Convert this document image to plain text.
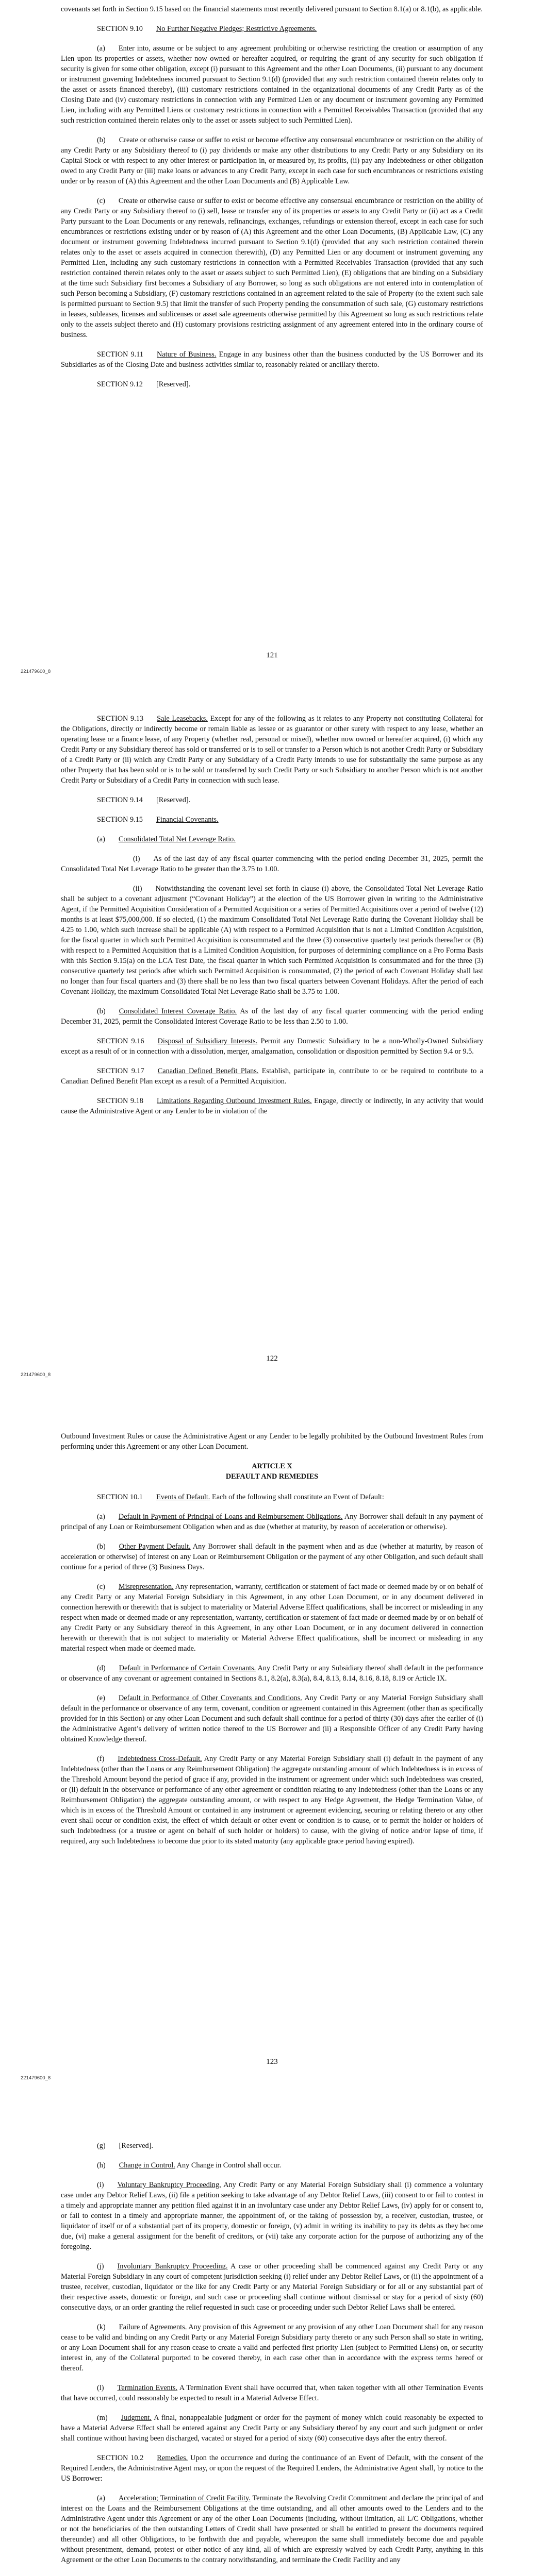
covenants set forth in Section 9.15 based on the financial statements most recently delivered pursuant to Section 8.1(a) or 8.1(b), as applicable.

SECTION 9.10 No Further Negative Pledges; Restrictive Agreements.

(a) Enter into, assume or be subject to any agreement prohibiting or otherwise restricting the creation or assumption of any Lien upon its properties or assets, whether now owned or hereafter acquired, or requiring the grant of any security for such obligation if security is given for some other obligation, except (i) pursuant to this Agreement and the other Loan Documents, (ii) pursuant to any document or instrument governing Indebtedness incurred pursuant to Section 9.1(d) (provided that any such restriction contained therein relates only to the asset or assets financed thereby), (iii) customary restrictions contained in the organizational documents of any Credit Party as of the Closing Date and (iv) customary restrictions in connection with any Permitted Lien or any document or instrument governing any Permitted Lien, including with any Permitted Liens or customary restrictions in connection with a Permitted Receivables Transaction (provided that any such restriction contained therein relates only to the asset or assets subject to such Permitted Lien).

(b) Create or otherwise cause or suffer to exist or become effective any consensual encumbrance or restriction on the ability of any Credit Party or any Subsidiary thereof to (i) pay dividends or make any other distributions to any Credit Party or any Subsidiary on its Capital Stock or with respect to any other interest or participation in, or measured by, its profits, (ii) pay any Indebtedness or other obligation owed to any Credit Party or (iii) make loans or advances to any Credit Party, except in each case for such encumbrances or restrictions existing under or by reason of (A) this Agreement and the other Loan Documents and (B) Applicable Law.

(c) Create or otherwise cause or suffer to exist or become effective any consensual encumbrance or restriction on the ability of any Credit Party or any Subsidiary thereof to (i) sell, lease or transfer any of its properties or assets to any Credit Party or (ii) act as a Credit Party pursuant to the Loan Documents or any renewals, refinancings, exchanges, refundings or extension thereof, except in each case for such encumbrances or restrictions existing under or by reason of (A) this Agreement and the other Loan Documents, (B) Applicable Law, (C) any document or instrument governing Indebtedness incurred pursuant to Section 9.1(d) (provided that any such restriction contained therein relates only to the asset or assets acquired in connection therewith), (D) any Permitted Lien or any document or instrument governing any Permitted Lien, including any such customary restrictions in connection with a Permitted Receivables Transaction (provided that any such restriction contained therein relates only to the asset or assets subject to such Permitted Lien), (E) obligations that are binding on a Subsidiary at the time such Subsidiary first becomes a Subsidiary of any Borrower, so long as such obligations are not entered into in contemplation of such Person becoming a Subsidiary, (F) customary restrictions contained in an agreement related to the sale of Property (to the extent such sale is permitted pursuant to Section 9.5) that limit the transfer of such Property pending the consummation of such sale, (G) customary restrictions in leases, subleases, licenses and sublicenses or asset sale agreements otherwise permitted by this Agreement so long as such restrictions relate only to the assets subject thereto and (H) customary provisions restricting assignment of any agreement entered into in the ordinary course of business.

SECTION 9.11 Nature of Business. Engage in any business other than the business conducted by the US Borrower and its Subsidiaries as of the Closing Date and business activities similar to, reasonably related or ancillary thereto.

SECTION 9.12 [Reserved].

121
221479600_8

SECTION 9.13 Sale Leasebacks. Except for any of the following as it relates to any Property not constituting Collateral for the Obligations, directly or indirectly become or remain liable as lessee or as guarantor or other surety with respect to any lease, whether an operating lease or a finance lease, of any Property (whether real, personal or mixed), whether now owned or hereafter acquired, (i) which any Credit Party or any Subsidiary thereof has sold or transferred or is to sell or transfer to a Person which is not another Credit Party or Subsidiary of a Credit Party or (ii) which any Credit Party or any Subsidiary of a Credit Party intends to use for substantially the same purpose as any other Property that has been sold or is to be sold or transferred by such Credit Party or such Subsidiary to another Person which is not another Credit Party or Subsidiary of a Credit Party in connection with such lease.

SECTION 9.14 [Reserved].

SECTION 9.15 Financial Covenants.

(a) Consolidated Total Net Leverage Ratio.

(i) As of the last day of any fiscal quarter commencing with the period ending December 31, 2025, permit the Consolidated Total Net Leverage Ratio to be greater than the 3.75 to 1.00.

(ii) Notwithstanding the covenant level set forth in clause (i) above, the Consolidated Total Net Leverage Ratio shall be subject to a covenant adjustment (“Covenant Holiday”) at the election of the US Borrower given in writing to the Administrative Agent, if the Permitted Acquisition Consideration of a Permitted Acquisition or a series of Permitted Acquisitions over a period of twelve (12) months is at least $75,000,000. If so elected, (1) the maximum Consolidated Total Net Leverage Ratio during the Covenant Holiday shall be 4.25 to 1.00, which such increase shall be applicable (A) with respect to a Permitted Acquisition that is not a Limited Condition Acquisition, for the fiscal quarter in which such Permitted Acquisition is consummated and the three (3) consecutive quarterly test periods thereafter or (B) with respect to a Permitted Acquisition that is a Limited Condition Acquisition, for purposes of determining compliance on a Pro Forma Basis with this Section 9.15(a) on the LCA Test Date, the fiscal quarter in which such Permitted Acquisition is consummated and for the three (3) consecutive quarterly test periods after which such Permitted Acquisition is consummated, (2) the period of each Covenant Holiday shall last no longer than four fiscal quarters and (3) there shall be no less than two fiscal quarters between Covenant Holidays. After the period of each Covenant Holiday, the maximum Consolidated Total Net Leverage Ratio shall be 3.75 to 1.00.

(b) Consolidated Interest Coverage Ratio. As of the last day of any fiscal quarter commencing with the period ending December 31, 2025, permit the Consolidated Interest Coverage Ratio to be less than 2.50 to 1.00.

SECTION 9.16 Disposal of Subsidiary Interests. Permit any Domestic Subsidiary to be a non-Wholly-Owned Subsidiary except as a result of or in connection with a dissolution, merger, amalgamation, consolidation or disposition permitted by Section 9.4 or 9.5.

SECTION 9.17 Canadian Defined Benefit Plans. Establish, participate in, contribute to or be required to contribute to a Canadian Defined Benefit Plan except as a result of a Permitted Acquisition.

SECTION 9.18 Limitations Regarding Outbound Investment Rules. Engage, directly or indirectly, in any activity that would cause the Administrative Agent or any Lender to be in violation of the

122
221479600_8

Outbound Investment Rules or cause the Administrative Agent or any Lender to be legally prohibited by the Outbound Investment Rules from performing under this Agreement or any other Loan Document.

ARTICLE X
DEFAULT AND REMEDIES

SECTION 10.1 Events of Default. Each of the following shall constitute an Event of Default:

(a) Default in Payment of Principal of Loans and Reimbursement Obligations. Any Borrower shall default in any payment of principal of any Loan or Reimbursement Obligation when and as due (whether at maturity, by reason of acceleration or otherwise).

(b) Other Payment Default. Any Borrower shall default in the payment when and as due (whether at maturity, by reason of acceleration or otherwise) of interest on any Loan or Reimbursement Obligation or the payment of any other Obligation, and such default shall continue for a period of three (3) Business Days.

(c) Misrepresentation. Any representation, warranty, certification or statement of fact made or deemed made by or on behalf of any Credit Party or any Material Foreign Subsidiary in this Agreement, in any other Loan Document, or in any document delivered in connection herewith or therewith that is subject to materiality or Material Adverse Effect qualifications, shall be incorrect or misleading in any respect when made or deemed made or any representation, warranty, certification or statement of fact made or deemed made by or on behalf of any Credit Party or any Subsidiary thereof in this Agreement, in any other Loan Document, or in any document delivered in connection herewith or therewith that is not subject to materiality or Material Adverse Effect qualifications, shall be incorrect or misleading in any material respect when made or deemed made.

(d) Default in Performance of Certain Covenants. Any Credit Party or any Subsidiary thereof shall default in the performance or observance of any covenant or agreement contained in Sections 8.1, 8.2(a), 8.3(a), 8.4, 8.13, 8.14, 8.16, 8.18, 8.19 or Article IX.

(e) Default in Performance of Other Covenants and Conditions. Any Credit Party or any Material Foreign Subsidiary shall default in the performance or observance of any term, covenant, condition or agreement contained in this Agreement (other than as specifically provided for in this Section) or any other Loan Document and such default shall continue for a period of thirty (30) days after the earlier of (i) the Administrative Agent’s delivery of written notice thereof to the US Borrower and (ii) a Responsible Officer of any Credit Party having obtained Knowledge thereof.

(f) Indebtedness Cross-Default. Any Credit Party or any Material Foreign Subsidiary shall (i) default in the payment of any Indebtedness (other than the Loans or any Reimbursement Obligation) the aggregate outstanding amount of which Indebtedness is in excess of the Threshold Amount beyond the period of grace if any, provided in the instrument or agreement under which such Indebtedness was created, or (ii) default in the observance or performance of any other agreement or condition relating to any Indebtedness (other than the Loans or any Reimbursement Obligation) the aggregate outstanding amount, or with respect to any Hedge Agreement, the Hedge Termination Value, of which is in excess of the Threshold Amount or contained in any instrument or agreement evidencing, securing or relating thereto or any other event shall occur or condition exist, the effect of which default or other event or condition is to cause, or to permit the holder or holders of such Indebtedness (or a trustee or agent on behalf of such holder or holders) to cause, with the giving of notice and/or lapse of time, if required, any such Indebtedness to become due prior to its stated maturity (any applicable grace period having expired).

123
221479600_8

(g) [Reserved].

(h) Change in Control. Any Change in Control shall occur.

(i) Voluntary Bankruptcy Proceeding. Any Credit Party or any Material Foreign Subsidiary shall (i) commence a voluntary case under any Debtor Relief Laws, (ii) file a petition seeking to take advantage of any Debtor Relief Laws, (iii) consent to or fail to contest in a timely and appropriate manner any petition filed against it in an involuntary case under any Debtor Relief Laws, (iv) apply for or consent to, or fail to contest in a timely and appropriate manner, the appointment of, or the taking of possession by, a receiver, custodian, trustee, or liquidator of itself or of a substantial part of its property, domestic or foreign, (v) admit in writing its inability to pay its debts as they become due, (vi) make a general assignment for the benefit of creditors, or (vii) take any corporate action for the purpose of authorizing any of the foregoing.

(j) Involuntary Bankruptcy Proceeding. A case or other proceeding shall be commenced against any Credit Party or any Material Foreign Subsidiary in any court of competent jurisdiction seeking (i) relief under any Debtor Relief Laws, or (ii) the appointment of a trustee, receiver, custodian, liquidator or the like for any Credit Party or any Material Foreign Subsidiary or for all or any substantial part of their respective assets, domestic or foreign, and such case or proceeding shall continue without dismissal or stay for a period of sixty (60) consecutive days, or an order granting the relief requested in such case or proceeding under such Debtor Relief Laws shall be entered.

(k) Failure of Agreements. Any provision of this Agreement or any provision of any other Loan Document shall for any reason cease to be valid and binding on any Credit Party or any Material Foreign Subsidiary party thereto or any such Person shall so state in writing, or any Loan Document shall for any reason cease to create a valid and perfected first priority Lien (subject to Permitted Liens) on, or security interest in, any of the Collateral purported to be covered thereby, in each case other than in accordance with the express terms hereof or thereof.

(l) Termination Events. A Termination Event shall have occurred that, when taken together with all other Termination Events that have occurred, could reasonably be expected to result in a Material Adverse Effect.

(m) Judgment. A final, nonappealable judgment or order for the payment of money which could reasonably be expected to have a Material Adverse Effect shall be entered against any Credit Party or any Subsidiary thereof by any court and such judgment or order shall continue without having been discharged, vacated or stayed for a period of sixty (60) consecutive days after the entry thereof.

SECTION 10.2 Remedies. Upon the occurrence and during the continuance of an Event of Default, with the consent of the Required Lenders, the Administrative Agent may, or upon the request of the Required Lenders, the Administrative Agent shall, by notice to the US Borrower:

(a) Acceleration; Termination of Credit Facility. Terminate the Revolving Credit Commitment and declare the principal of and interest on the Loans and the Reimbursement Obligations at the time outstanding, and all other amounts owed to the Lenders and to the Administrative Agent under this Agreement or any of the other Loan Documents (including, without limitation, all L/C Obligations, whether or not the beneficiaries of the then outstanding Letters of Credit shall have presented or shall be entitled to present the documents required thereunder) and all other Obligations, to be forthwith due and payable, whereupon the same shall immediately become due and payable without presentment, demand, protest or other notice of any kind, all of which are expressly waived by each Credit Party, anything in this Agreement or the other Loan Documents to the contrary notwithstanding, and terminate the Credit Facility and any
